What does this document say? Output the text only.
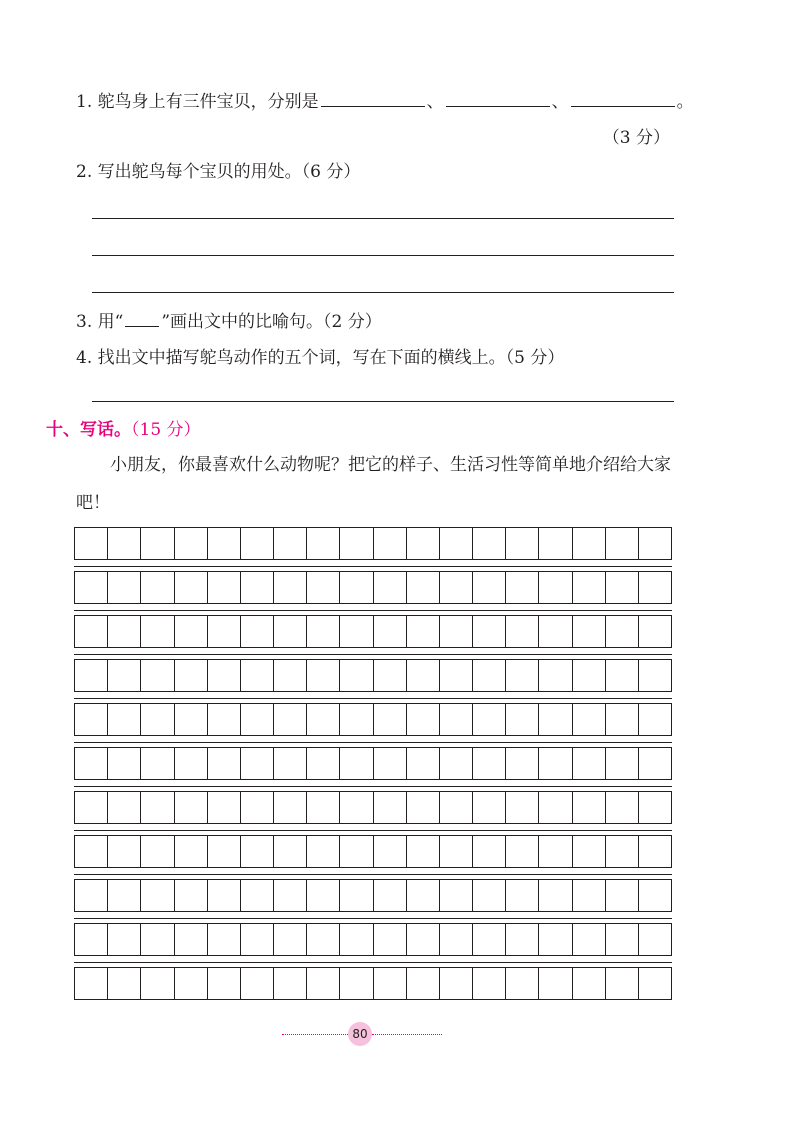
1. 鸵鸟身上有三件宝贝，分别是	、	、	。
（3 分）
2. 写出鸵鸟每个宝贝的用处。（6 分）
3. 用“ ”画出文中的比喻句。（2 分）
4. 找出文中描写鸵鸟动作的五个词，写在下面的横线上。（5 分）
十、写话。（15 分）
小朋友，你最喜欢什么动物呢？把它的样子、生活习性等简单地介绍给大家吧！
80
